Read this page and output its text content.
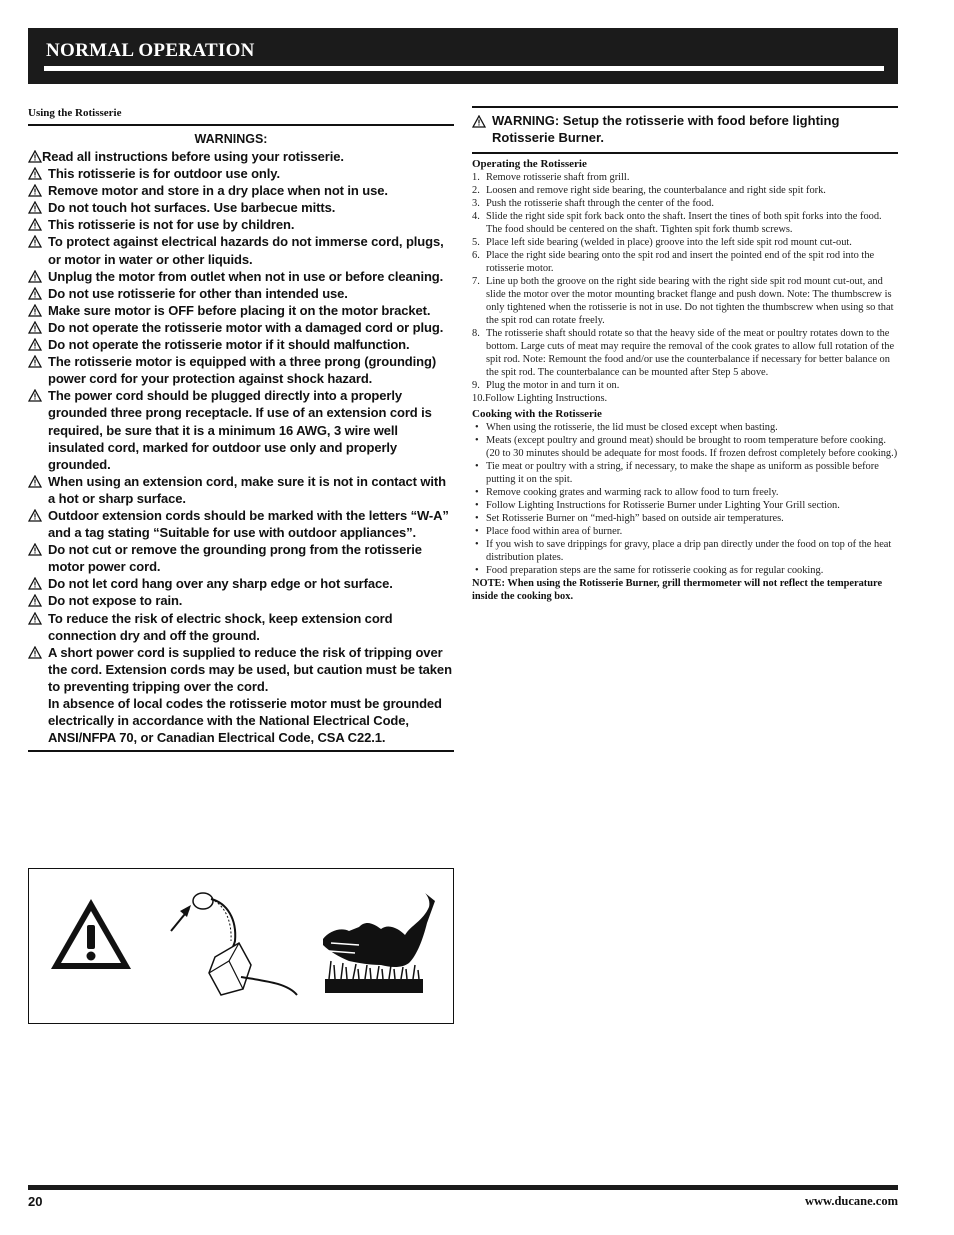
NORMAL OPERATION
Using the Rotisserie
WARNINGS:
Read all instructions before using your rotisserie.
This rotisserie is for outdoor use only.
Remove motor and store in a dry place when not in use.
Do not touch hot surfaces. Use barbecue mitts.
This rotisserie is not for use by children.
To protect against electrical hazards do not immerse cord, plugs, or motor in water or other liquids.
Unplug the motor from outlet when not in use or before cleaning.
Do not use rotisserie for other than intended use.
Make sure motor is OFF before placing it on the motor bracket.
Do not operate the rotisserie motor with a damaged cord or plug.
Do not operate the rotisserie motor if it should malfunction.
The rotisserie motor is equipped with a three prong (grounding) power cord for your protection against shock hazard.
The power cord should be plugged directly into a properly grounded three prong receptacle. If use of an extension cord is required, be sure that it is a minimum 16 AWG, 3 wire well insulated cord, marked for outdoor use only and properly grounded.
When using an extension cord, make sure it is not in contact with a hot or sharp surface.
Outdoor extension cords should be marked with the letters “W-A” and a tag stating “Suitable for use with outdoor appliances”.
Do not cut or remove the grounding prong from the rotisserie motor power cord.
Do not let cord hang over any sharp edge or hot surface.
Do not expose to rain.
To reduce the risk of electric shock, keep extension cord connection dry and off the ground.
A short power cord is supplied to reduce the risk of tripping over the cord. Extension cords may be used, but caution must be taken to preventing tripping over the cord.
In absence of local codes the rotisserie motor must be grounded electrically in accordance with the National Electrical Code, ANSI/NFPA 70, or Canadian Electrical Code, CSA C22.1.
WARNING: Setup the rotisserie with food before lighting Rotisserie Burner.
Operating the Rotisserie
1. Remove rotisserie shaft from grill.
2. Loosen and remove right side bearing, the counterbalance and right side spit fork.
3. Push the rotisserie shaft through the center of the food.
4. Slide the right side spit fork back onto the shaft. Insert the tines of both spit forks into the food. The food should be centered on the shaft. Tighten spit fork thumb screws.
5. Place left side bearing (welded in place) groove into the left side spit rod mount cut-out.
6. Place the right side bearing onto the spit rod and insert the pointed end of the spit rod into the rotisserie motor.
7. Line up both the groove on the right side bearing with the right side spit rod mount cut-out, and slide the motor over the motor mounting bracket flange and push down. Note: The thumbscrew is only tightened when the rotisserie is not in use. Do not tighten the thumbscrew when using so that the spit rod can rotate freely.
8. The rotisserie shaft should rotate so that the heavy side of the meat or poultry rotates down to the bottom. Large cuts of meat may require the removal of the cook grates to allow full rotation of the spit rod. Note: Remount the food and/or use the counterbalance if necessary for better balance on the spit rod. The counterbalance can be mounted after Step 5 above.
9. Plug the motor in and turn it on.
10.Follow Lighting Instructions.
Cooking with the Rotisserie
• When using the rotisserie, the lid must be closed except when basting.
• Meats (except poultry and ground meat) should be brought to room temperature before cooking. (20 to 30 minutes should be adequate for most foods. If frozen defrost completely before cooking.)
• Tie meat or poultry with a string, if necessary, to make the shape as uniform as possible before putting it on the spit.
• Remove cooking grates and warming rack to allow food to turn freely.
• Follow Lighting Instructions for Rotisserie Burner under Lighting Your Grill section.
• Set Rotisserie Burner on “med-high” based on outside air temperatures.
• Place food within area of burner.
• If you wish to save drippings for gravy, place a drip pan directly under the food on top of the heat distribution plates.
• Food preparation steps are the same for rotisserie cooking as for regular cooking.
NOTE: When using the Rotisserie Burner, grill thermometer will not reflect the temperature inside the cooking box.
20	www.ducane.com
